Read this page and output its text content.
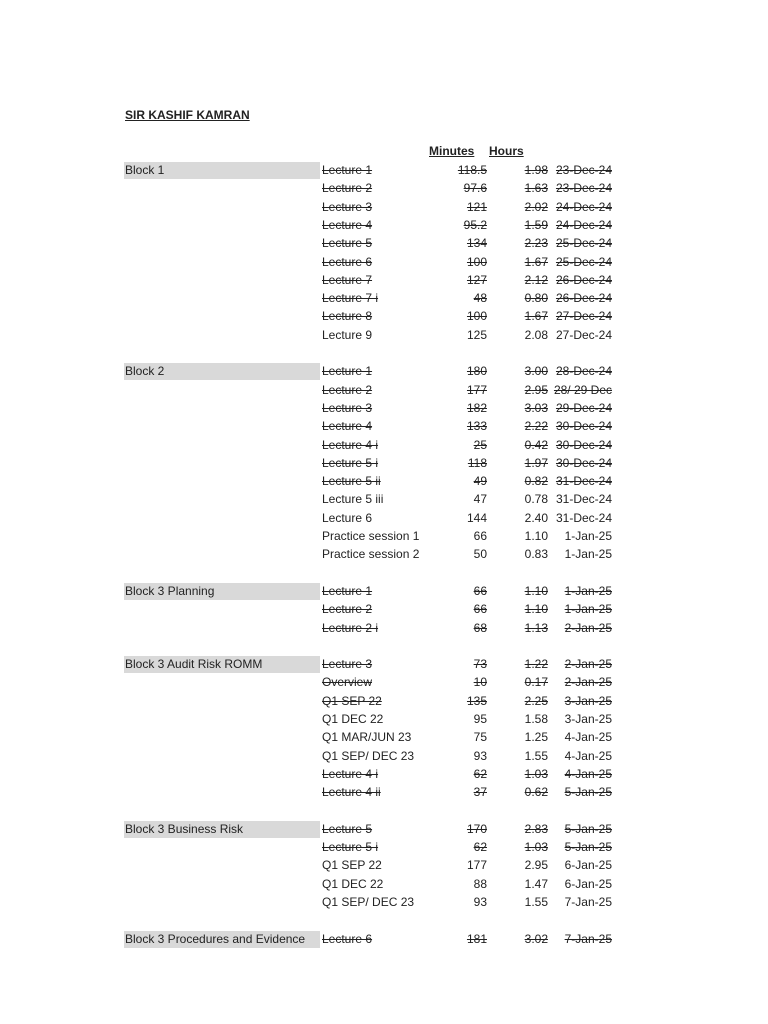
SIR KASHIF KAMRAN
Minutes Hours
Block 1	Lecture 1	118.5	1.98 23-Dec-24
Lecture 2	97.6	1.63 23-Dec-24
Lecture 3	121	2.02 24-Dec-24
Lecture 4	95.2	1.59 24-Dec-24
Lecture 5	134	2.23 25-Dec-24
Lecture 6	100	1.67 25-Dec-24
Lecture 7	127	2.12 26-Dec-24
Lecture 7 i	48	0.80 26-Dec-24
Lecture 8	100	1.67 27-Dec-24
Lecture 9	125	2.08 27-Dec-24
Block 2	Lecture 1	180	3.00 28-Dec-24
Lecture 2	177	2.95 28/ 29 Dec
Lecture 3	182	3.03 29-Dec-24
Lecture 4	133	2.22 30-Dec-24
Lecture 4 i	25	0.42 30-Dec-24
Lecture 5 i	118	1.97 30-Dec-24
Lecture 5 ii	49	0.82 31-Dec-24
Lecture 5 iii	47	0.78 31-Dec-24
Lecture 6	144	2.40 31-Dec-24
Practice session 1	66	1.10	1-Jan-25
Practice session 2	50	0.83	1-Jan-25
Block 3 Planning	Lecture 1	66	1.10	1-Jan-25
Lecture 2	66	1.10	1-Jan-25
Lecture 2 i	68	1.13	2-Jan-25
Block 3 Audit Risk ROMM	Lecture 3	73	1.22	2-Jan-25
Overview	10	0.17	2-Jan-25
Q1 SEP 22	135	2.25	3-Jan-25
Q1 DEC 22	95	1.58	3-Jan-25
Q1 MAR/JUN 23	75	1.25	4-Jan-25
Q1 SEP/ DEC 23	93	1.55	4-Jan-25
Lecture 4 i	62	1.03	4-Jan-25
Lecture 4 ii	37	0.62	5-Jan-25
Block 3 Business Risk	Lecture 5	170	2.83	5-Jan-25
Lecture 5 i	62	1.03	5-Jan-25
Q1 SEP 22	177	2.95	6-Jan-25
Q1 DEC 22	88	1.47	6-Jan-25
Q1 SEP/ DEC 23	93	1.55	7-Jan-25
Block 3 Procedures and Evidence	Lecture 6	181	3.02	7-Jan-25
